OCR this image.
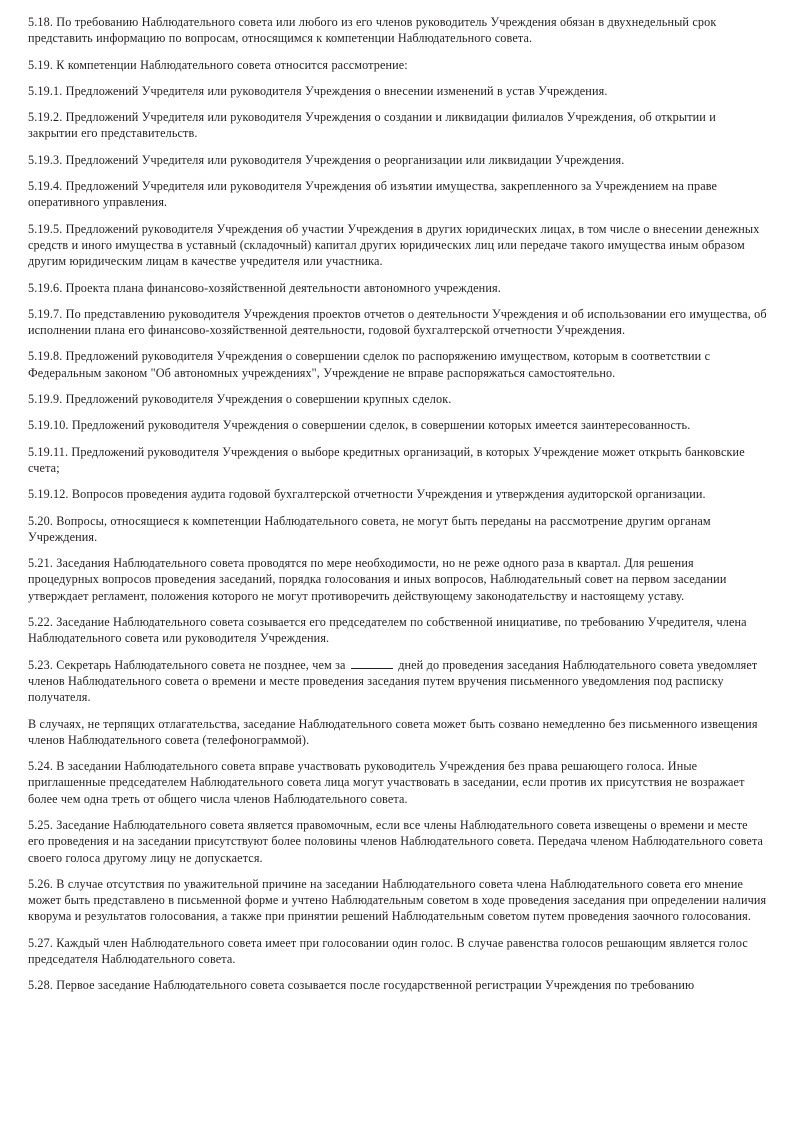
5.18. По требованию Наблюдательного совета или любого из его членов руководитель Учреждения обязан в двухнедельный срок представить информацию по вопросам, относящимся к компетенции Наблюдательного совета.

5.19. К компетенции Наблюдательного совета относится рассмотрение:

5.19.1. Предложений Учредителя или руководителя Учреждения о внесении изменений в устав Учреждения.

5.19.2. Предложений Учредителя или руководителя Учреждения о создании и ликвидации филиалов Учреждения, об открытии и закрытии его представительств.

5.19.3. Предложений Учредителя или руководителя Учреждения о реорганизации или ликвидации Учреждения.

5.19.4. Предложений Учредителя или руководителя Учреждения об изъятии имущества, закрепленного за Учреждением на праве оперативного управления.

5.19.5. Предложений руководителя Учреждения об участии Учреждения в других юридических лицах, в том числе о внесении денежных средств и иного имущества в уставный (складочный) капитал других юридических лиц или передаче такого имущества иным образом другим юридическим лицам в качестве учредителя или участника.

5.19.6. Проекта плана финансово-хозяйственной деятельности автономного учреждения.

5.19.7. По представлению руководителя Учреждения проектов отчетов о деятельности Учреждения и об использовании его имущества, об исполнении плана его финансово-хозяйственной деятельности, годовой бухгалтерской отчетности Учреждения.

5.19.8. Предложений руководителя Учреждения о совершении сделок по распоряжению имуществом, которым в соответствии с Федеральным законом "Об автономных учреждениях", Учреждение не вправе распоряжаться самостоятельно.

5.19.9. Предложений руководителя Учреждения о совершении крупных сделок.

5.19.10. Предложений руководителя Учреждения о совершении сделок, в совершении которых имеется заинтересованность.

5.19.11. Предложений руководителя Учреждения о выборе кредитных организаций, в которых Учреждение может открыть банковские счета;

5.19.12. Вопросов проведения аудита годовой бухгалтерской отчетности Учреждения и утверждения аудиторской организации.

5.20. Вопросы, относящиеся к компетенции Наблюдательного совета, не могут быть переданы на рассмотрение другим органам Учреждения.

5.21. Заседания Наблюдательного совета проводятся по мере необходимости, но не реже одного раза в квартал. Для решения процедурных вопросов проведения заседаний, порядка голосования и иных вопросов, Наблюдательный совет на первом заседании утверждает регламент, положения которого не могут противоречить действующему законодательству и настоящему уставу.

5.22. Заседание Наблюдательного совета созывается его председателем по собственной инициативе, по требованию Учредителя, члена Наблюдательного совета или руководителя Учреждения.

5.23. Секретарь Наблюдательного совета не позднее, чем за	дней до проведения заседания Наблюдательного совета уведомляет членов Наблюдательного совета о времени и месте проведения заседания путем вручения письменного уведомления под расписку получателя.

В случаях, не терпящих отлагательства, заседание Наблюдательного совета может быть созвано немедленно без письменного извещения членов Наблюдательного совета (телефонограммой).

5.24. В заседании Наблюдательного совета вправе участвовать руководитель Учреждения без права решающего голоса. Иные приглашенные председателем Наблюдательного совета лица могут участвовать в заседании, если против их присутствия не возражает более чем одна треть от общего числа членов Наблюдательного совета.

5.25. Заседание Наблюдательного совета является правомочным, если все члены Наблюдательного совета извещены о времени и месте его проведения и на заседании присутствуют более половины членов Наблюдательного совета. Передача членом Наблюдательного совета своего голоса другому лицу не допускается.

5.26. В случае отсутствия по уважительной причине на заседании Наблюдательного совета члена Наблюдательного совета его мнение может быть представлено в письменной форме и учтено Наблюдательным советом в ходе проведения заседания при определении наличия кворума и результатов голосования, а также при принятии решений Наблюдательным советом путем проведения заочного голосования.

5.27. Каждый член Наблюдательного совета имеет при голосовании один голос. В случае равенства голосов решающим является голос председателя Наблюдательного совета.

5.28. Первое заседание Наблюдательного совета созывается после государственной регистрации Учреждения по требованию
